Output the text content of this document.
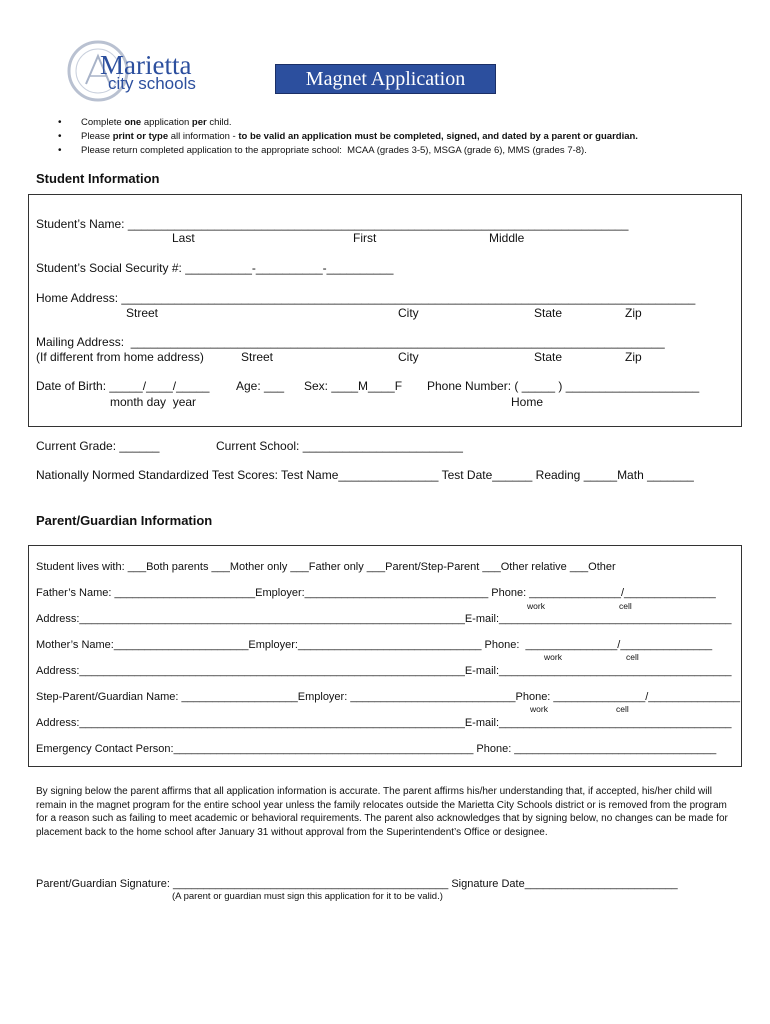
Marietta
city schools	Magnet Application
• Complete one application per child.
• Please print or type all information - to be valid an application must be completed, signed, and dated by a parent or guardian.
• Please return completed application to the appropriate school:  MCAA (grades 3-5), MSGA (grade 6), MMS (grades 7-8).
Student Information
Student’s Name: ___________________________________________________________________________
Last	First	Middle
Student’s Social Security #: __________-__________-__________
Home Address: ______________________________________________________________________________________
Street	City	State	Zip
Mailing Address:  ________________________________________________________________________________
(If different from home address)	Street	City	State	Zip
Date of Birth: _____/____/_____
month day  year
Age: ___ Sex: ____M____F Phone Number: ( _____ ) ____________________
Home
Current Grade: ______	Current School: ________________________
Nationally Normed Standardized Test Scores: Test Name_______________ Test Date______ Reading _____Math _______
Parent/Guardian Information
Student lives with: ___Both parents ___Mother only ___Father only ___Parent/Step-Parent ___Other relative ___Other
Father’s Name: _______________________Employer:______________________________ Phone: _______________/_______________
work	cell
Address:_______________________________________________________________E-mail:______________________________________
Mother’s Name:______________________Employer:______________________________ Phone:  _______________/_______________
work	cell
Address:_______________________________________________________________E-mail:______________________________________
Step-Parent/Guardian Name: ___________________Employer: ___________________________Phone: _______________/_______________
work	cell
Address:_______________________________________________________________E-mail:______________________________________
Emergency Contact Person:_________________________________________________ Phone: _________________________________
By signing below the parent affirms that all application information is accurate. The parent affirms his/her understanding that, if accepted, his/her child will remain in the magnet program for the entire school year unless the family relocates outside the Marietta City Schools district or is removed from the program for a reason such as failing to meet academic or behavioral requirements. The parent also acknowledges that by signing below, no changes can be made for placement back to the home school after January 31 without approval from the Superintendent’s Office or designee.
Parent/Guardian Signature: _____________________________________________ Signature Date_________________________
(A parent or guardian must sign this application for it to be valid.)
